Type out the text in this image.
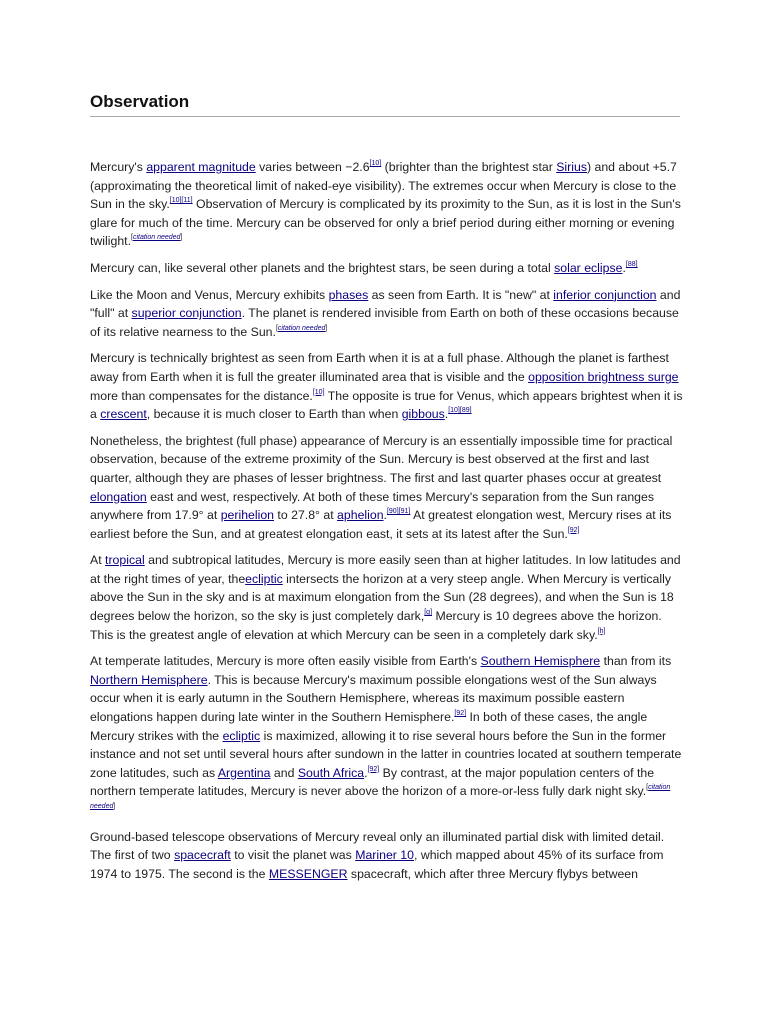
Observation

Mercury's apparent magnitude varies between −2.6[10] (brighter than the brightest star Sirius) and about +5.7 (approximating the theoretical limit of naked-eye visibility). The extremes occur when Mercury is close to the Sun in the sky.[10][11] Observation of Mercury is complicated by its proximity to the Sun, as it is lost in the Sun's glare for much of the time. Mercury can be observed for only a brief period during either morning or evening twilight.[citation needed]

Mercury can, like several other planets and the brightest stars, be seen during a total solar eclipse.[88]

Like the Moon and Venus, Mercury exhibits phases as seen from Earth. It is "new" at inferior conjunction and "full" at superior conjunction. The planet is rendered invisible from Earth on both of these occasions because of its relative nearness to the Sun.[citation needed]

Mercury is technically brightest as seen from Earth when it is at a full phase. Although the planet is farthest away from Earth when it is full the greater illuminated area that is visible and the opposition brightness surge more than compensates for the distance.[10] The opposite is true for Venus, which appears brightest when it is a crescent, because it is much closer to Earth than when gibbous.[10][89]

Nonetheless, the brightest (full phase) appearance of Mercury is an essentially impossible time for practical observation, because of the extreme proximity of the Sun. Mercury is best observed at the first and last quarter, although they are phases of lesser brightness. The first and last quarter phases occur at greatest elongation east and west, respectively. At both of these times Mercury's separation from the Sun ranges anywhere from 17.9° at perihelion to 27.8° at aphelion.[90][91] At greatest elongation west, Mercury rises at its earliest before the Sun, and at greatest elongation east, it sets at its latest after the Sun.[92]

At tropical and subtropical latitudes, Mercury is more easily seen than at higher latitudes. In low latitudes and at the right times of year, theecliptic intersects the horizon at a very steep angle. When Mercury is vertically above the Sun in the sky and is at maximum elongation from the Sun (28 degrees), and when the Sun is 18 degrees below the horizon, so the sky is just completely dark,[g] Mercury is 10 degrees above the horizon. This is the greatest angle of elevation at which Mercury can be seen in a completely dark sky.[h]

At temperate latitudes, Mercury is more often easily visible from Earth's Southern Hemisphere than from its Northern Hemisphere. This is because Mercury's maximum possible elongations west of the Sun always occur when it is early autumn in the Southern Hemisphere, whereas its maximum possible eastern elongations happen during late winter in the Southern Hemisphere.[92] In both of these cases, the angle Mercury strikes with the ecliptic is maximized, allowing it to rise several hours before the Sun in the former instance and not set until several hours after sundown in the latter in countries located at southern temperate zone latitudes, such as Argentina and South Africa.[92] By contrast, at the major population centers of the northern temperate latitudes, Mercury is never above the horizon of a more-or-less fully dark night sky.[citation needed]

Ground-based telescope observations of Mercury reveal only an illuminated partial disk with limited detail. The first of two spacecraft to visit the planet was Mariner 10, which mapped about 45% of its surface from 1974 to 1975. The second is the MESSENGER spacecraft, which after three Mercury flybys between
